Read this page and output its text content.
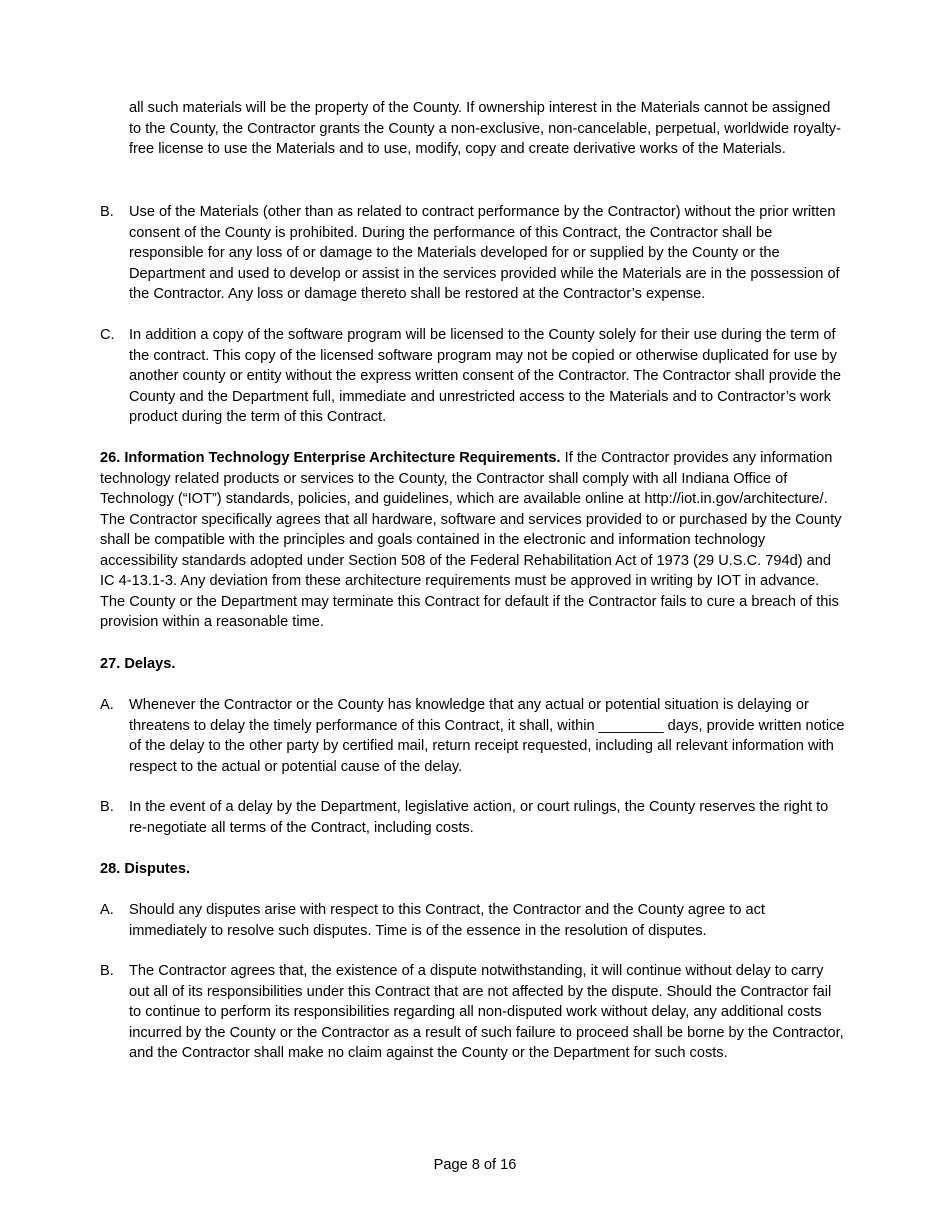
all such materials will be the property of the County. If ownership interest in the Materials cannot be assigned to the County, the Contractor grants the County a non-exclusive, non-cancelable, perpetual, worldwide royalty-free license to use the Materials and to use, modify, copy and create derivative works of the Materials.
B.	Use of the Materials (other than as related to contract performance by the Contractor) without the prior written consent of the County is prohibited. During the performance of this Contract, the Contractor shall be responsible for any loss of or damage to the Materials developed for or supplied by the County or the Department and used to develop or assist in the services provided while the Materials are in the possession of the Contractor. Any loss or damage thereto shall be restored at the Contractor’s expense.
C. In addition a copy of the software program will be licensed to the County solely for their use during the term of the contract. This copy of the licensed software program may not be copied or otherwise duplicated for use by another county or entity without the express written consent of the Contractor. The Contractor shall provide the County and the Department full, immediate and unrestricted access to the Materials and to Contractor’s work product during the term of this Contract.
26. Information Technology Enterprise Architecture Requirements. If the Contractor provides any information technology related products or services to the County, the Contractor shall comply with all Indiana Office of Technology (“IOT”) standards, policies, and guidelines, which are available online at http://iot.in.gov/architecture/. The Contractor specifically agrees that all hardware, software and services provided to or purchased by the County shall be compatible with the principles and goals contained in the electronic and information technology accessibility standards adopted under Section 508 of the Federal Rehabilitation Act of 1973 (29 U.S.C. 794d) and IC 4-13.1-3. Any deviation from these architecture requirements must be approved in writing by IOT in advance. The County or the Department may terminate this Contract for default if the Contractor fails to cure a breach of this provision within a reasonable time.
27. Delays.
A.	Whenever the Contractor or the County has knowledge that any actual or potential situation is delaying or threatens to delay the timely performance of this Contract, it shall, within ________ days, provide written notice of the delay to the other party by certified mail, return receipt requested, including all relevant information with respect to the actual or potential cause of the delay.
B.	In the event of a delay by the Department, legislative action, or court rulings, the County reserves the right to re-negotiate all terms of the Contract, including costs.
28. Disputes.
A.	Should any disputes arise with respect to this Contract, the Contractor and the County agree to act immediately to resolve such disputes. Time is of the essence in the resolution of disputes.
B.	The Contractor agrees that, the existence of a dispute notwithstanding, it will continue without delay to carry out all of its responsibilities under this Contract that are not affected by the dispute. Should the Contractor fail to continue to perform its responsibilities regarding all non-disputed work without delay, any additional costs incurred by the County or the Contractor as a result of such failure to proceed shall be borne by the Contractor, and the Contractor shall make no claim against the County or the Department for such costs.
Page 8 of 16
